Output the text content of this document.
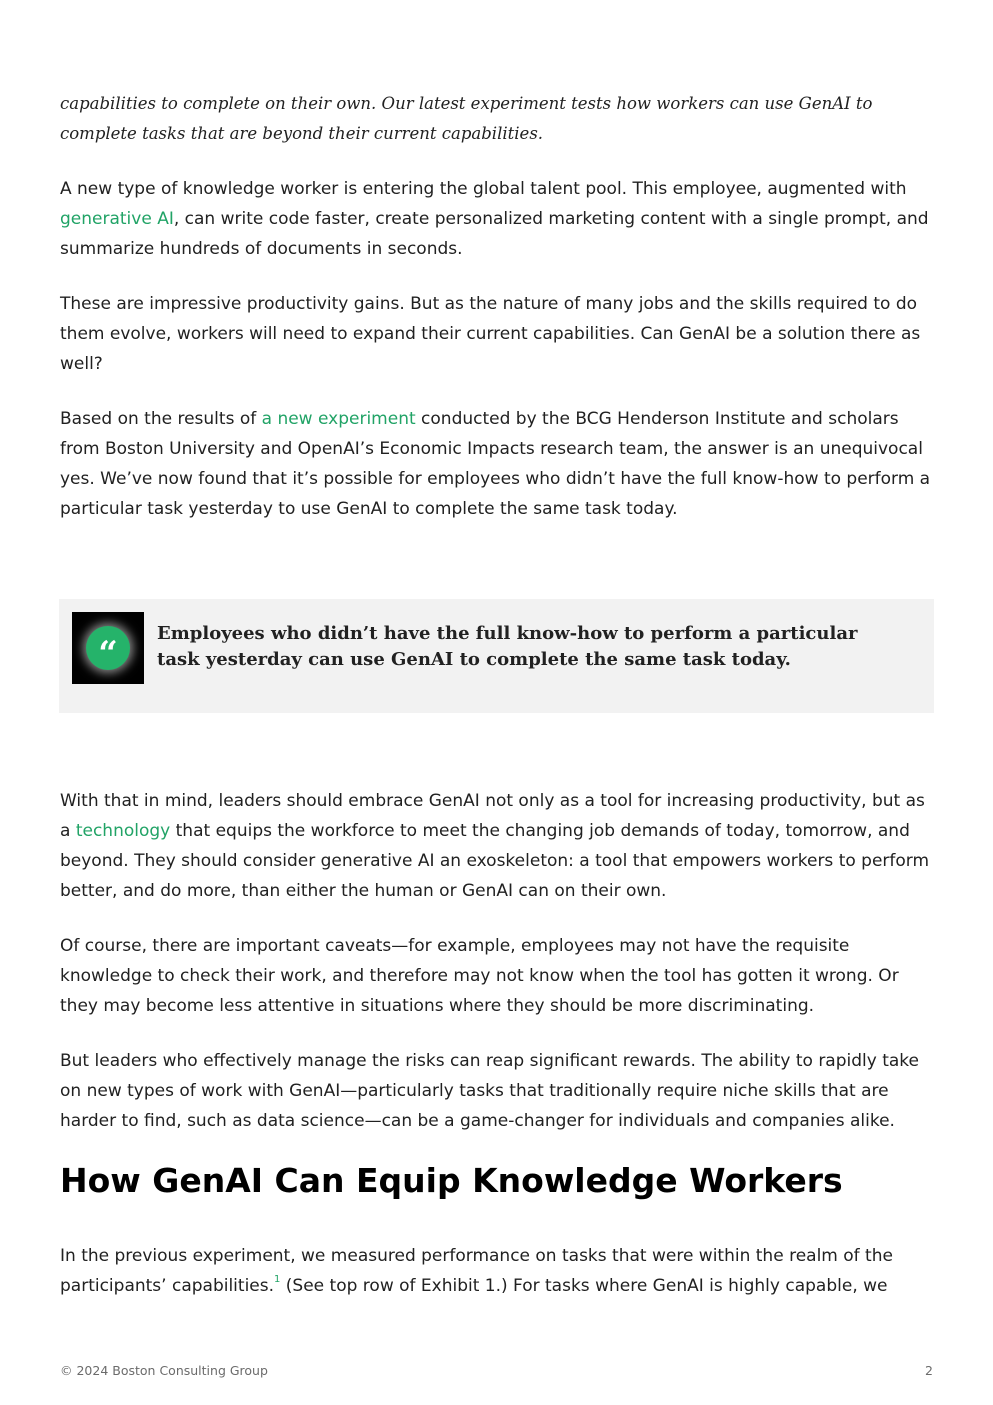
capabilities to complete on their own. Our latest experiment tests how workers can use GenAI to complete tasks that are beyond their current capabilities.

A new type of knowledge worker is entering the global talent pool. This employee, augmented with generative AI, can write code faster, create personalized marketing content with a single prompt, and summarize hundreds of documents in seconds.

These are impressive productivity gains. But as the nature of many jobs and the skills required to do them evolve, workers will need to expand their current capabilities. Can GenAI be a solution there as well?

Based on the results of a new experiment conducted by the BCG Henderson Institute and scholars from Boston University and OpenAI’s Economic Impacts research team, the answer is an unequivocal yes. We’ve now found that it’s possible for employees who didn’t have the full know-how to perform a particular task yesterday to use GenAI to complete the same task today.

“

Employees who didn’t have the full know-how to perform a particular task yesterday can use GenAI to complete the same task today.

With that in mind, leaders should embrace GenAI not only as a tool for increasing productivity, but as a technology that equips the workforce to meet the changing job demands of today, tomorrow, and beyond. They should consider generative AI an exoskeleton: a tool that empowers workers to perform better, and do more, than either the human or GenAI can on their own.

Of course, there are important caveats—for example, employees may not have the requisite knowledge to check their work, and therefore may not know when the tool has gotten it wrong. Or they may become less attentive in situations where they should be more discriminating.

But leaders who effectively manage the risks can reap significant rewards. The ability to rapidly take on new types of work with GenAI—particularly tasks that traditionally require niche skills that are harder to find, such as data science—can be a game-changer for individuals and companies alike.

How GenAI Can Equip Knowledge Workers

In the previous experiment, we measured performance on tasks that were within the realm of the participants’ capabilities.$^1$ (See top row of Exhibit 1.) For tasks where GenAI is highly capable, we

© 2024 Boston Consulting Group	2
